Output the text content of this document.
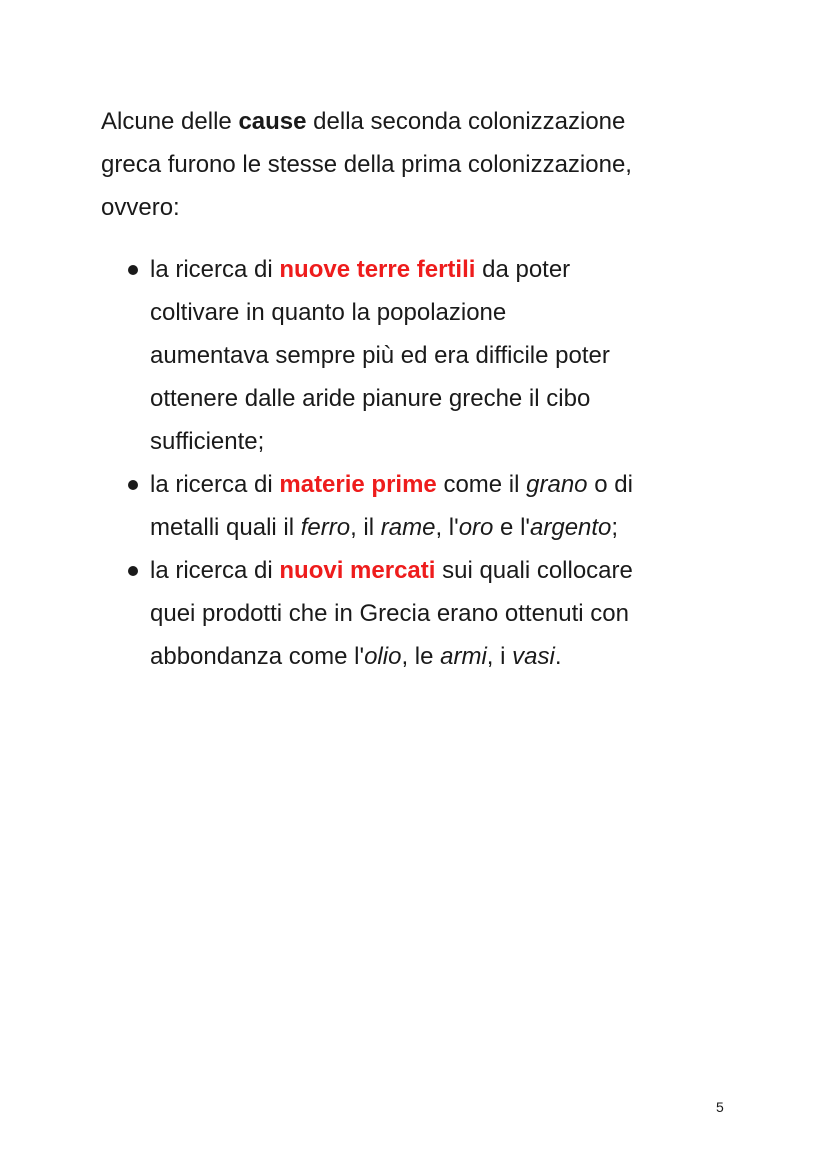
Alcune delle cause della seconda colonizzazione
greca furono le stesse della prima colonizzazione,
ovvero:
la ricerca di nuove terre fertili da poter
coltivare in quanto la popolazione
aumentava sempre più ed era difficile poter
ottenere dalle aride pianure greche il cibo
sufficiente;
la ricerca di materie prime come il grano o di
metalli quali il ferro, il rame, l'oro e l'argento;
la ricerca di nuovi mercati sui quali collocare
quei prodotti che in Grecia erano ottenuti con
abbondanza come l'olio, le armi, i vasi.
5
